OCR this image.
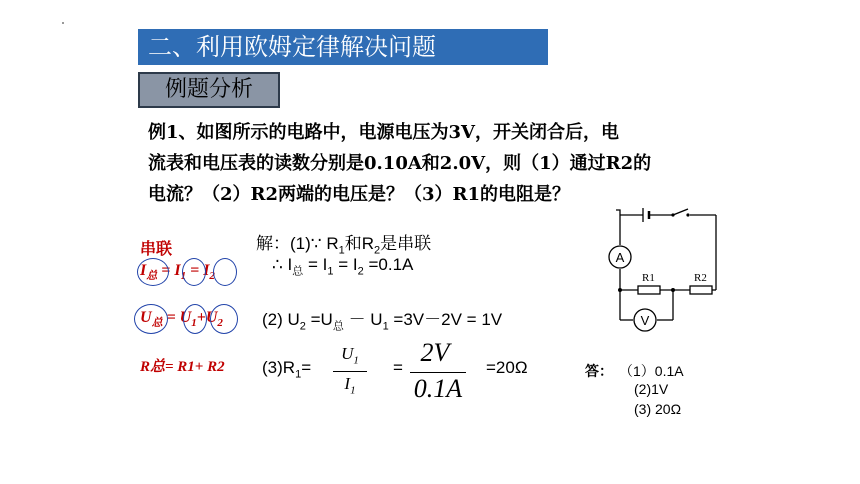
二、利用欧姆定律解决问题
例题分析
例1、如图所示的电路中，电源电压为3V，开关闭合后，电
流表和电压表的读数分别是0.10A和2.0V，则（1）通过R2的
电流？（2）R2两端的电压是？（3）R1的电阻是？
串联
$I_总 = I_1 = I_2$
$U_总 = U_1+U_2$
R总= R1+ R2
解：(1)∵ $R_1$和$R_2$是串联
∴ $I_总 = I_1 = I_2 =0.1A$
(2) $U_2 =U_总 - U_1 =3V-2V = 1V$
$(3)R_1=$
$U_1$
$I_1$
=
2V
0.1A
=20Ω	答： （1）0.1A
(2)1V
(3) 20Ω
A
V
R1	R2
